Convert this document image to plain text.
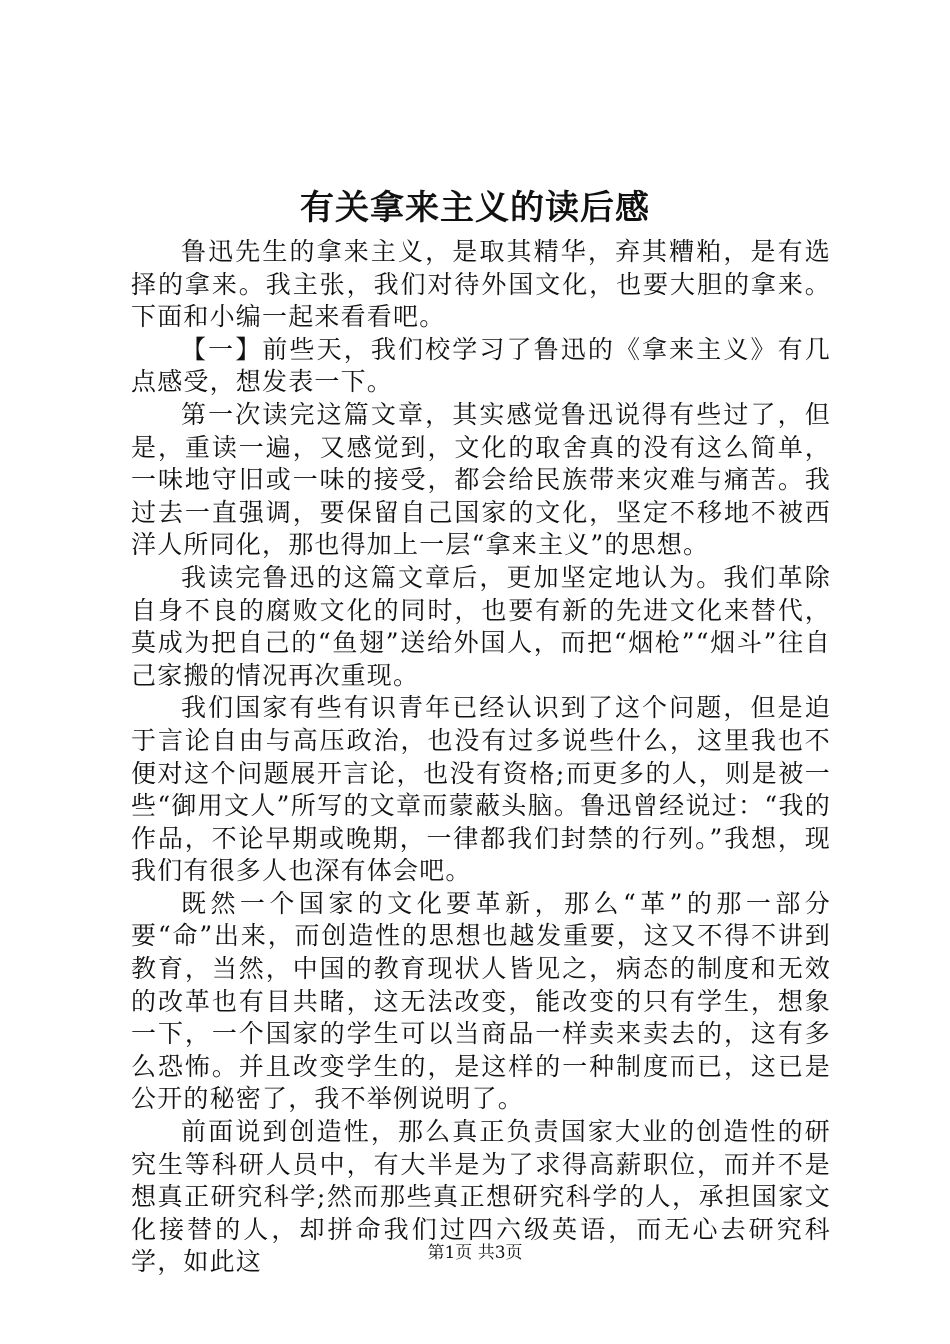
有关拿来主义的读后感

鲁迅先生的拿来主义，是取其精华，弃其糟粕，是有选择的拿来。我主张，我们对待外国文化，也要大胆的拿来。下面和小编一起来看看吧。

【一】前些天，我们校学习了鲁迅的《拿来主义》有几点感受，想发表一下。

第一次读完这篇文章，其实感觉鲁迅说得有些过了，但是，重读一遍，又感觉到，文化的取舍真的没有这么简单，一味地守旧或一味的接受，都会给民族带来灾难与痛苦。我过去一直强调，要保留自己国家的文化，坚定不移地不被西洋人所同化，那也得加上一层“拿来主义”的思想。

我读完鲁迅的这篇文章后，更加坚定地认为。我们革除自身不良的腐败文化的同时，也要有新的先进文化来替代，莫成为把自己的“鱼翅”送给外国人，而把“烟枪”“烟斗”往自己家搬的情况再次重现。

我们国家有些有识青年已经认识到了这个问题，但是迫于言论自由与高压政治，也没有过多说些什么，这里我也不便对这个问题展开言论，也没有资格;而更多的人，则是被一些“御用文人”所写的文章而蒙蔽头脑。鲁迅曾经说过：“我的作品，不论早期或晚期，一律都我们封禁的行列。”我想，现我们有很多人也深有体会吧。

既然一个国家的文化要革新，那么“革”的那一部分要“命”出来，而创造性的思想也越发重要，这又不得不讲到教育，当然，中国的教育现状人皆见之，病态的制度和无效的改革也有目共睹，这无法改变，能改变的只有学生，想象一下，一个国家的学生可以当商品一样卖来卖去的，这有多么恐怖。并且改变学生的，是这样的一种制度而已，这已是公开的秘密了，我不举例说明了。

前面说到创造性，那么真正负责国家大业的创造性的研究生等科研人员中，有大半是为了求得高薪职位，而并不是想真正研究科学;然而那些真正想研究科学的人，承担国家文化接替的人，却拼命我们过四六级英语，而无心去研究科学，如此这	第1页 共3页
